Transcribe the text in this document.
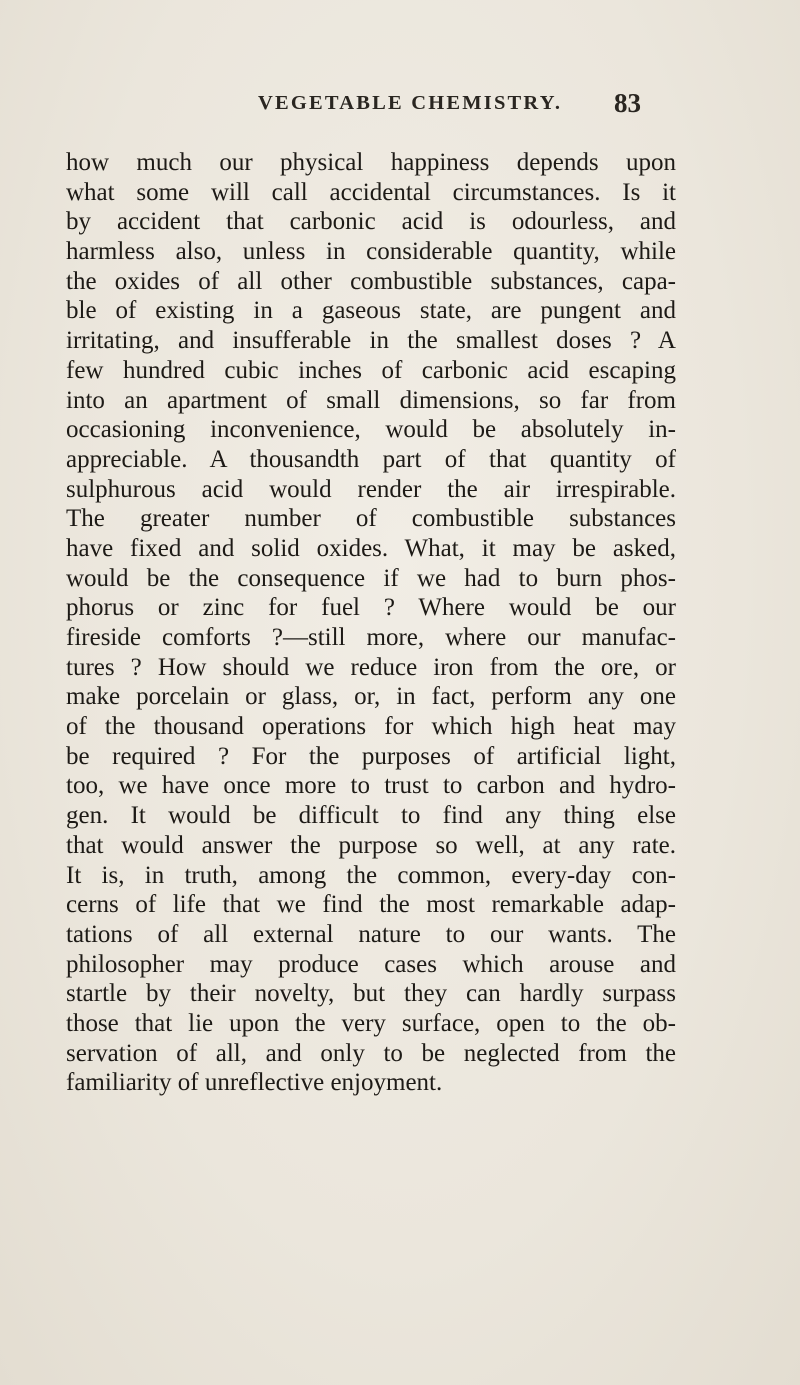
VEGETABLE CHEMISTRY. 83
how much our physical happiness depends upon
what some will call accidental circumstances. Is it
by accident that carbonic acid is odourless, and
harmless also, unless in considerable quantity, while
the oxides of all other combustible substances, capa-
ble of existing in a gaseous state, are pungent and
irritating, and insufferable in the smallest doses ? A
few hundred cubic inches of carbonic acid escaping
into an apartment of small dimensions, so far from
occasioning inconvenience, would be absolutely in-
appreciable. A thousandth part of that quantity of
sulphurous acid would render the air irrespirable.
The greater number of combustible substances
have fixed and solid oxides. What, it may be asked,
would be the consequence if we had to burn phos-
phorus or zinc for fuel ? Where would be our
fireside comforts ?—still more, where our manufac-
tures ? How should we reduce iron from the ore, or
make porcelain or glass, or, in fact, perform any one
of the thousand operations for which high heat may
be required ? For the purposes of artificial light,
too, we have once more to trust to carbon and hydro-
gen. It would be difficult to find any thing else
that would answer the purpose so well, at any rate.
It is, in truth, among the common, every-day con-
cerns of life that we find the most remarkable adap-
tations of all external nature to our wants. The
philosopher may produce cases which arouse and
startle by their novelty, but they can hardly surpass
those that lie upon the very surface, open to the ob-
servation of all, and only to be neglected from the
familiarity of unreflective enjoyment.
